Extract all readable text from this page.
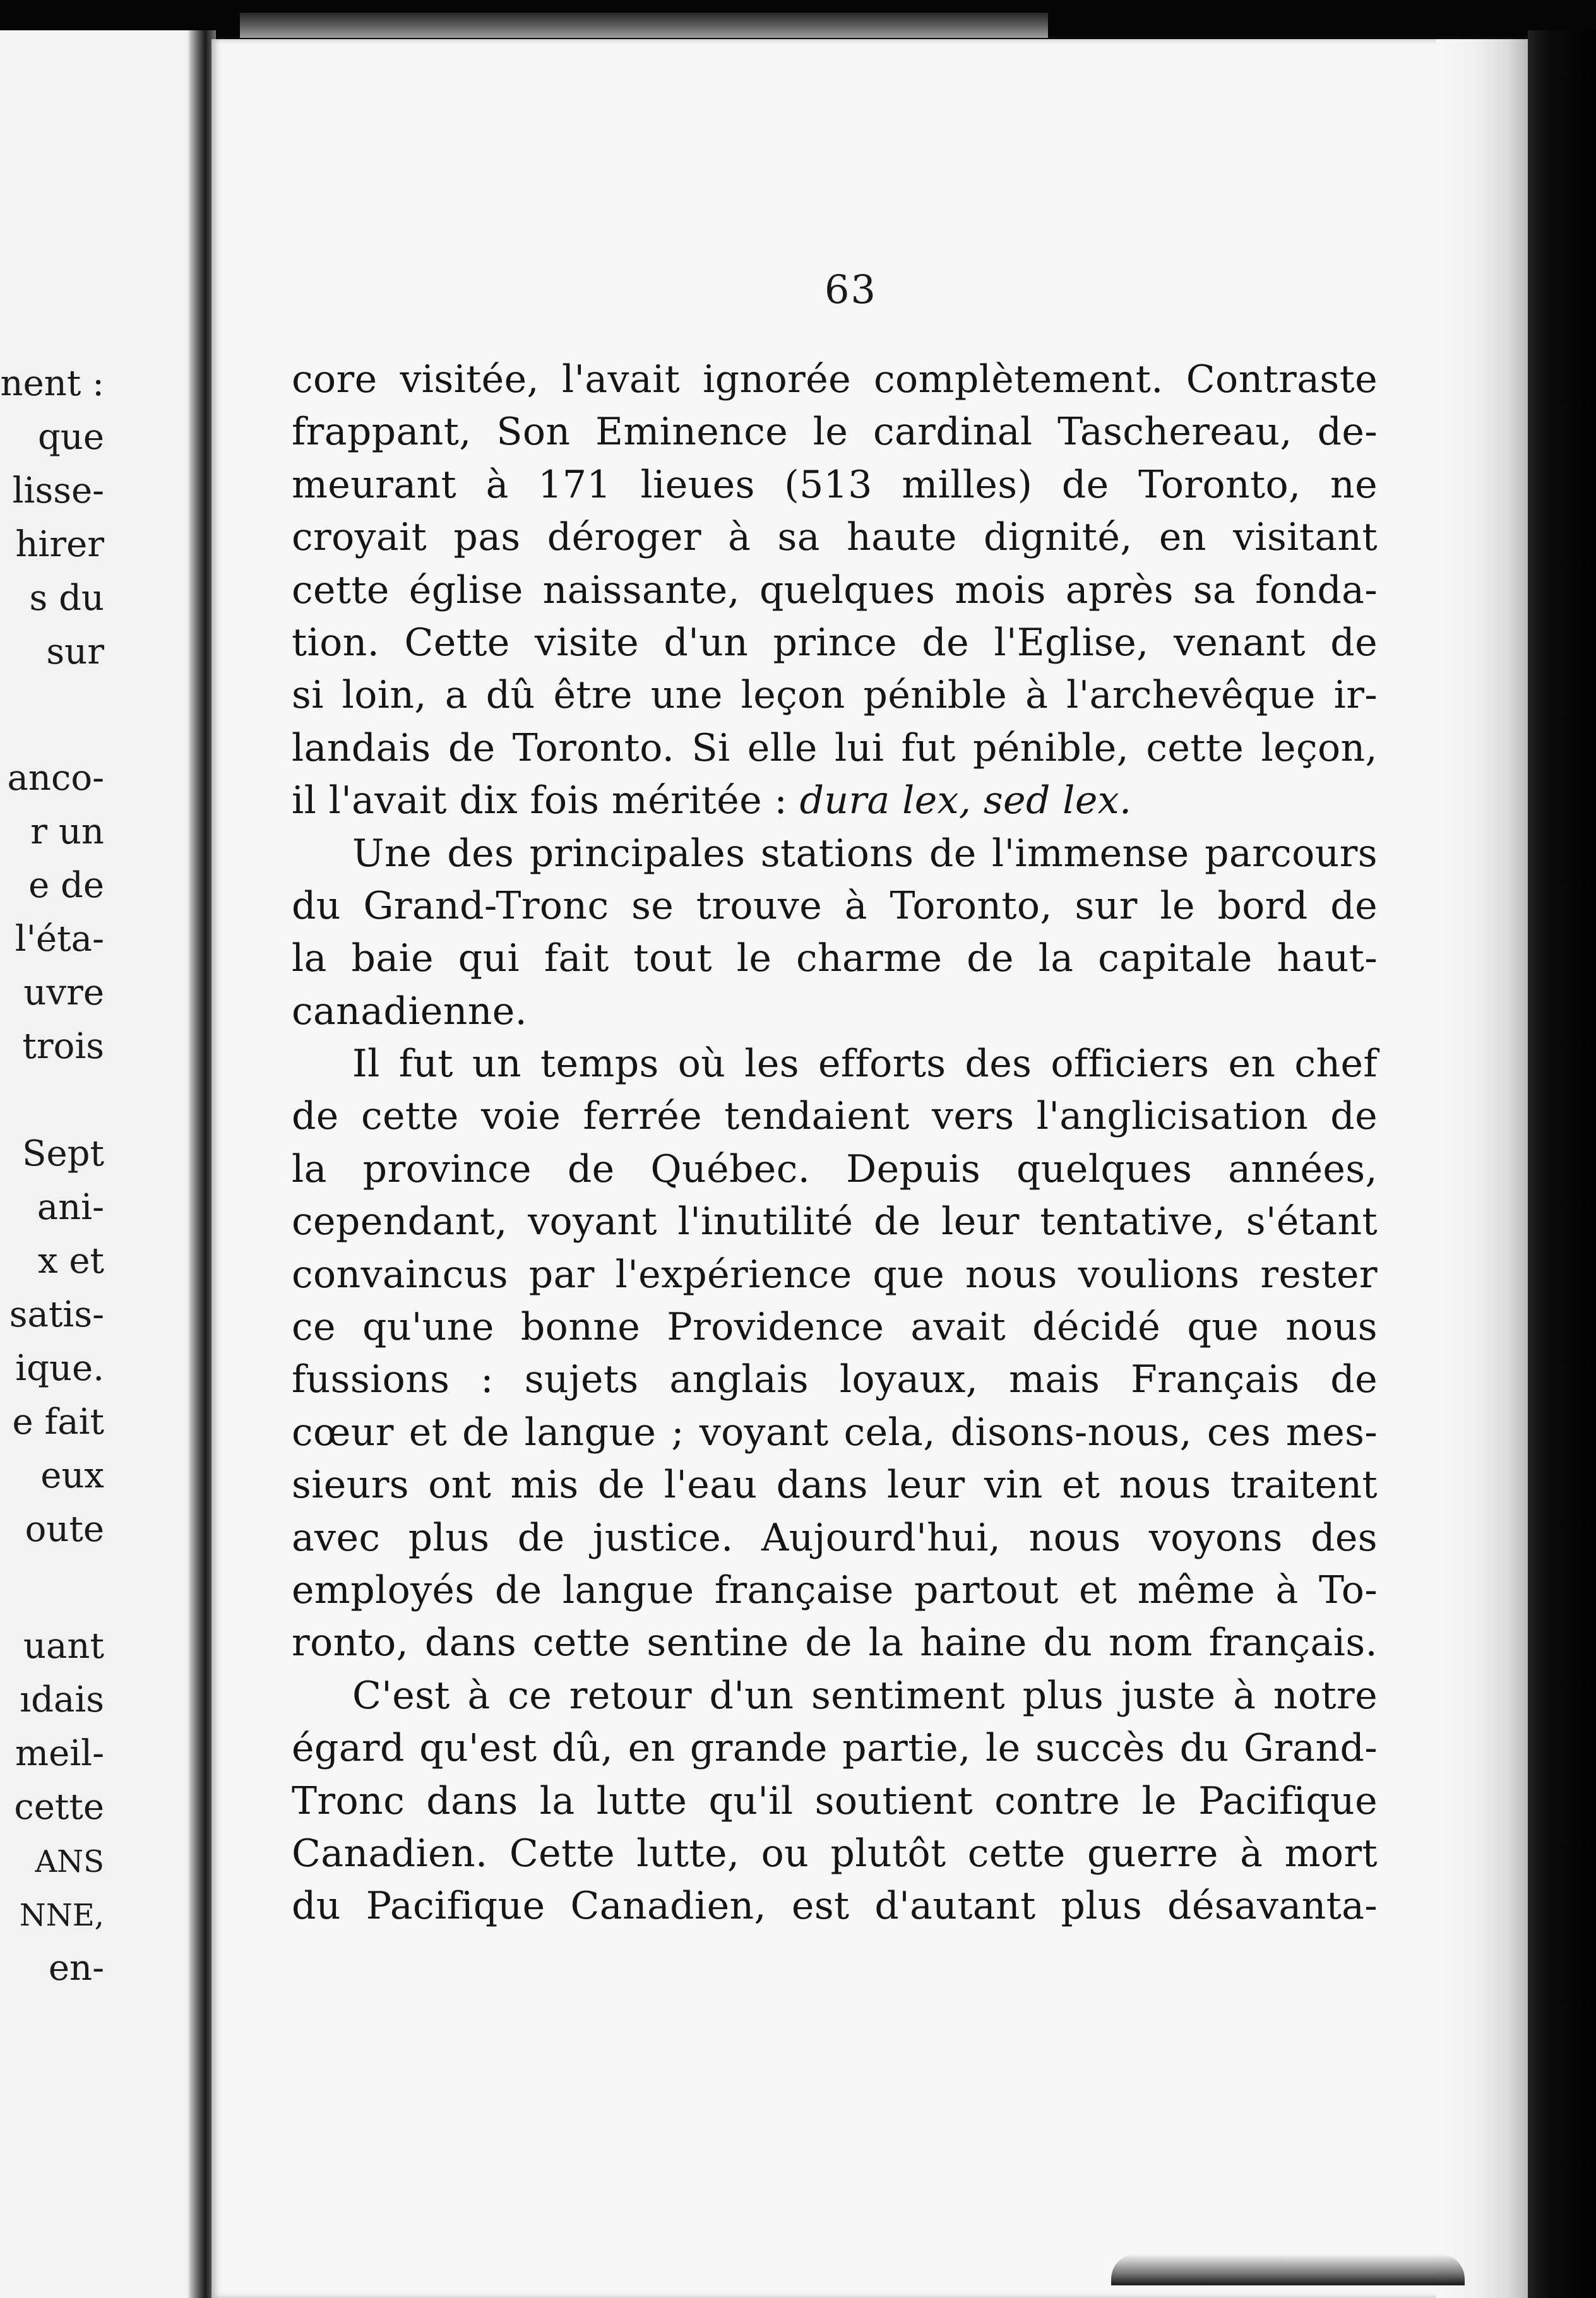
nent :
que
lisse-
hirer
s du
sur
anco-
r un
e de
l'éta-
uvre
trois
Sept
ani-
x et
satis-
ique.
e fait
eux
oute
uant
ıdais
meil-
cette
ANS
NNE,
en-
63
core visitée, l'avait ignorée complètement. Contraste
frappant, Son Eminence le cardinal Taschereau, de-
meurant à 171 lieues (513 milles) de Toronto, ne
croyait pas déroger à sa haute dignité, en visitant
cette église naissante, quelques mois après sa fonda-
tion. Cette visite d'un prince de l'Eglise, venant de
si loin, a dû être une leçon pénible à l'archevêque ir-
landais de Toronto. Si elle lui fut pénible, cette leçon,
il l'avait dix fois méritée : dura lex, sed lex.
Une des principales stations de l'immense parcours
du Grand-Tronc se trouve à Toronto, sur le bord de
la baie qui fait tout le charme de la capitale haut-
canadienne.
Il fut un temps où les efforts des officiers en chef
de cette voie ferrée tendaient vers l'anglicisation de
la province de Québec. Depuis quelques années,
cependant, voyant l'inutilité de leur tentative, s'étant
convaincus par l'expérience que nous voulions rester
ce qu'une bonne Providence avait décidé que nous
fussions : sujets anglais loyaux, mais Français de
cœur et de langue ; voyant cela, disons-nous, ces mes-
sieurs ont mis de l'eau dans leur vin et nous traitent
avec plus de justice. Aujourd'hui, nous voyons des
employés de langue française partout et même à To-
ronto, dans cette sentine de la haine du nom français.
C'est à ce retour d'un sentiment plus juste à notre
égard qu'est dû, en grande partie, le succès du Grand-
Tronc dans la lutte qu'il soutient contre le Pacifique
Canadien. Cette lutte, ou plutôt cette guerre à mort
du Pacifique Canadien, est d'autant plus désavanta-
